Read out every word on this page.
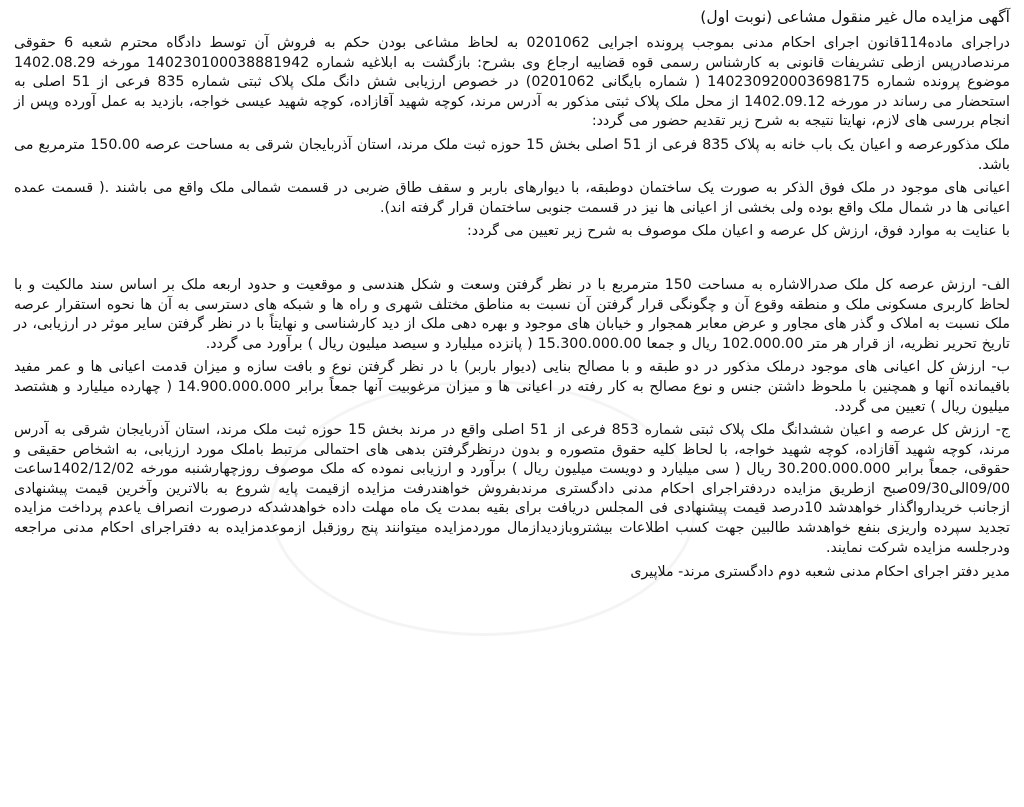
آگهی مزایده مال غیر منقول مشاعی (نوبت اول)

دراجرای ماده114قانون اجرای احکام مدنی بموجب پرونده اجرایی 0201062 به لحاظ مشاعی بودن حکم به فروش آن توسط دادگاه محترم شعبه 6 حقوقی مرندصادرپس ازطی تشریفات قانونی به کارشناس رسمی قوه قضاییه ارجاع وی بشرح: بازگشت به ابلاغیه شماره 140230100038881942 مورخه 1402.08.29 موضوع پرونده شماره 140230920003698175 ( شماره بایگانی 0201062) در خصوص ارزیابی شش دانگ ملک پلاک ثبتی شماره 835 فرعی از 51 اصلی به استحضار می رساند در مورخه 1402.09.12 از محل ملک پلاک ثبتی مذکور به آدرس مرند، کوچه شهید آقازاده، کوچه شهید عیسی خواجه، بازدید به عمل آورده وپس از انجام بررسی های لازم، نهایتا نتیجه به شرح زیر تقدیم حضور می گردد:

ملک مذکورعرصه و اعیان یک باب خانه به پلاک 835 فرعی از 51 اصلی بخش 15 حوزه ثبت ملک مرند، استان آذربایجان شرقی به مساحت عرصه 150.00 مترمربع می باشد.

اعیانی های موجود در ملک فوق الذکر به صورت یک ساختمان دوطبقه، با دیوارهای باربر و سقف طاق ضربی در قسمت شمالی ملک واقع می باشند .( قسمت عمده اعیانی ها در شمال ملک واقع بوده ولی بخشی از اعیانی ها نیز در قسمت جنوبی ساختمان قرار گرفته اند).

با عنایت به موارد فوق، ارزش کل عرصه و اعیان ملک موصوف به شرح زیر تعیین می گردد:

الف- ارزش عرصه کل ملک صدرالاشاره به مساحت 150 مترمربع با در نظر گرفتن وسعت و شکل هندسی و موقعیت و حدود اربعه ملک بر اساس سند مالکیت و با لحاظ کاربری مسکونی ملک و منطقه وقوع آن و چگونگی قرار گرفتن آن نسبت به مناطق مختلف شهری و راه ها و شبکه های دسترسی به آن ها نحوه استقرار عرصه ملک نسبت به املاک و گذر های مجاور و عرض معابر همجوار و خیابان های موجود و بهره دهی ملک از دید کارشناسی و نهایتاً با در نظر گرفتن سایر موثر در ارزیابی، در تاریخ تحریر نظریه، از قرار هر متر 102.000.00 ریال و جمعا 15.300.000.00 ( پانزده میلیارد و سیصد میلیون ریال ) برآورد می گردد.

ب- ارزش کل اعیانی های موجود درملک مذکور در دو طبقه و با مصالح بنایی (دیوار باربر) با در نظر گرفتن نوع و بافت سازه و میزان قدمت اعیانی ها و عمر مفید باقیمانده آنها و همچنین با ملحوظ داشتن جنس و نوع مصالح به کار رفته در اعیانی ها و میزان مرغوبیت آنها جمعاً برابر 14.900.000.000 ( چهارده میلیارد و هشتصد میلیون ریال ) تعیین می گردد.

ج- ارزش کل عرصه و اعیان ششدانگ ملک پلاک ثبتی شماره 853 فرعی از 51 اصلی واقع در مرند بخش 15 حوزه ثبت ملک مرند، استان آذربایجان شرقی به آدرس مرند، کوچه شهید آقازاده، کوچه شهید خواجه، با لحاظ کلیه حقوق متصوره و بدون درنظرگرفتن بدهی های احتمالی مرتبط باملک مورد ارزیابی، به اشخاص حقیقی و حقوقی، جمعاً برابر 30.200.000.000 ریال ( سی میلیارد و دویست میلیون ریال ) برآورد و ارزیابی نموده که ملک موصوف روزچهارشنبه مورخه 1402/12/02ساعت 09/00الی09/30صبح ازطریق مزایده دردفتراجرای احکام مدنی دادگستری مرندبفروش خواهندرفت مزایده ازقیمت پایه شروع به بالاترین وآخرین قیمت پیشنهادی ازجانب خریدارواگذار خواهدشد 10درصد قیمت پیشنهادی فی المجلس دریافت برای بقیه بمدت یک ماه مهلت داده خواهدشدکه درصورت انصراف یاعدم پرداخت مزایده تجدید سپرده واریزی بنفع خواهدشد طالبین جهت کسب اطلاعات بیشتروبازدیدازمال موردمزایده میتوانند پنج روزقبل ازموعدمزایده به دفتراجرای احکام مدنی مراجعه ودرجلسه مزایده شرکت نمایند.

مدیر دفتر اجرای احکام مدنی شعبه دوم دادگستری مرند- ملاپیری
